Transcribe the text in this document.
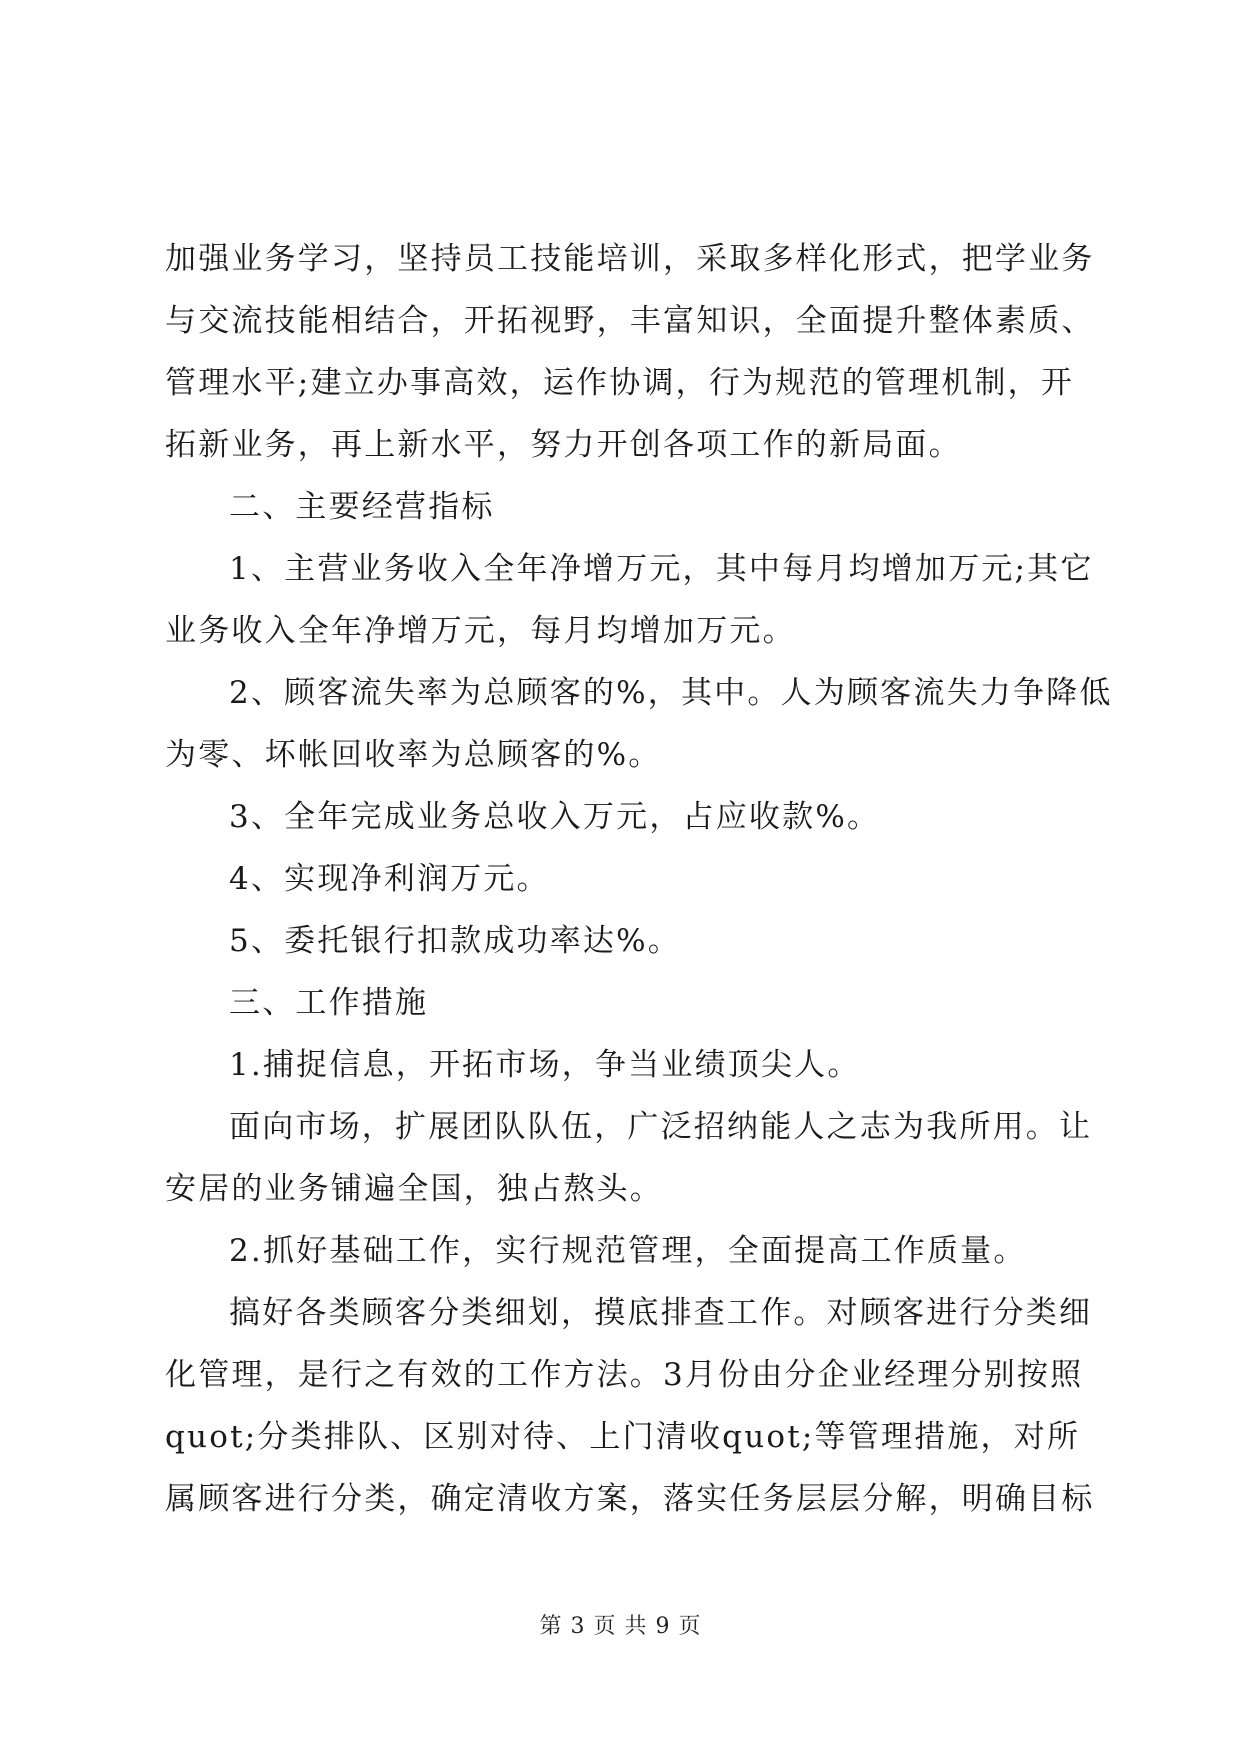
加强业务学习，坚持员工技能培训，采取多样化形式，把学业务
与交流技能相结合，开拓视野，丰富知识，全面提升整体素质、
管理水平;建立办事高效，运作协调，行为规范的管理机制，开
拓新业务，再上新水平，努力开创各项工作的新局面。
二、主要经营指标
1、主营业务收入全年净增万元，其中每月均增加万元;其它
业务收入全年净增万元，每月均增加万元。
2、顾客流失率为总顾客的%，其中。人为顾客流失力争降低
为零、坏帐回收率为总顾客的%。
3、全年完成业务总收入万元，占应收款%。
4、实现净利润万元。
5、委托银行扣款成功率达%。
三、工作措施
1.捕捉信息，开拓市场，争当业绩顶尖人。
面向市场，扩展团队队伍，广泛招纳能人之志为我所用。让
安居的业务铺遍全国，独占熬头。
2.抓好基础工作，实行规范管理，全面提高工作质量。
搞好各类顾客分类细划，摸底排查工作。对顾客进行分类细
化管理，是行之有效的工作方法。3月份由分企业经理分别按照
quot;分类排队、区别对待、上门清收quot;等管理措施，对所
属顾客进行分类，确定清收方案，落实任务层层分解，明确目标
第 3 页 共 9 页
